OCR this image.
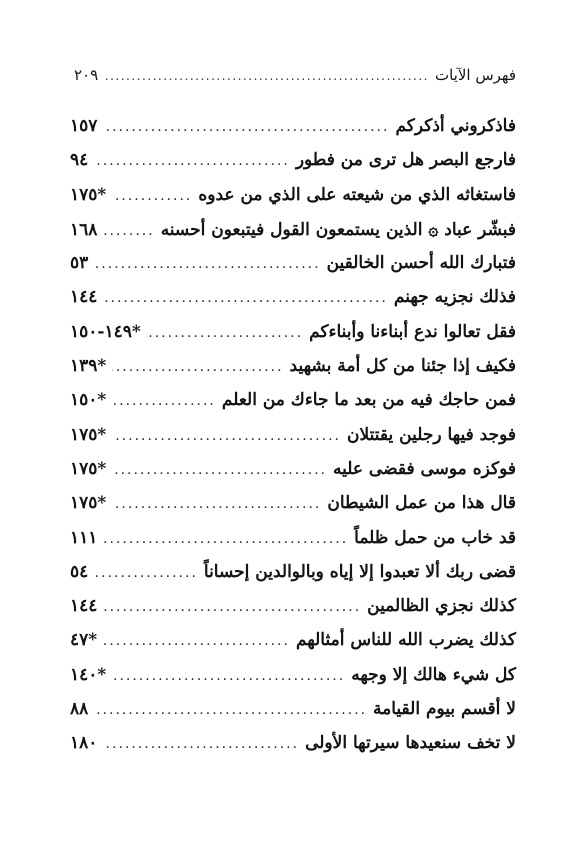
فهرس الآيات
.....
٢٠٩
فاذكروني أذكركم
.....
١٥٧
فارجع البصر هل ترى من فطور
.....
٩٤
فاستغاثه الذي من شيعته على الذي من عدوه
.....
*١٧٥
فبشّر عباد ۞ الذين يستمعون القول فيتبعون أحسنه
.....
١٦٨
فتبارك الله أحسن الخالقين
.....
٥٣
فذلك نجزيه جهنم
.....
١٤٤
فقل تعالوا ندع أبناءنا وأبناءكم
.....
*١٤٩-١٥٠
فكيف إذا جئنا من كل أمة بشهيد
.....
*١٣٩
فمن حاجك فيه من بعد ما جاءك من العلم
.....
*١٥٠
فوجد فيها رجلين يقتتلان
.....
*١٧٥
فوكزه موسى فقضى عليه
.....
*١٧٥
قال هذا من عمل الشيطان
.....
*١٧٥
قد خاب من حمل ظلماً
.....
١١١
قضى ربك ألا تعبدوا إلا إياه وبالوالدين إحساناً
.....
٥٤
كذلك نجزي الظالمين
.....
١٤٤
كذلك يضرب الله للناس أمثالهم
.....
*٤٧
كل شيء هالك إلا وجهه
.....
*١٤٠
لا أقسم بيوم القيامة
.....
٨٨
لا تخف سنعيدها سيرتها الأولى
.....
١٨٠
